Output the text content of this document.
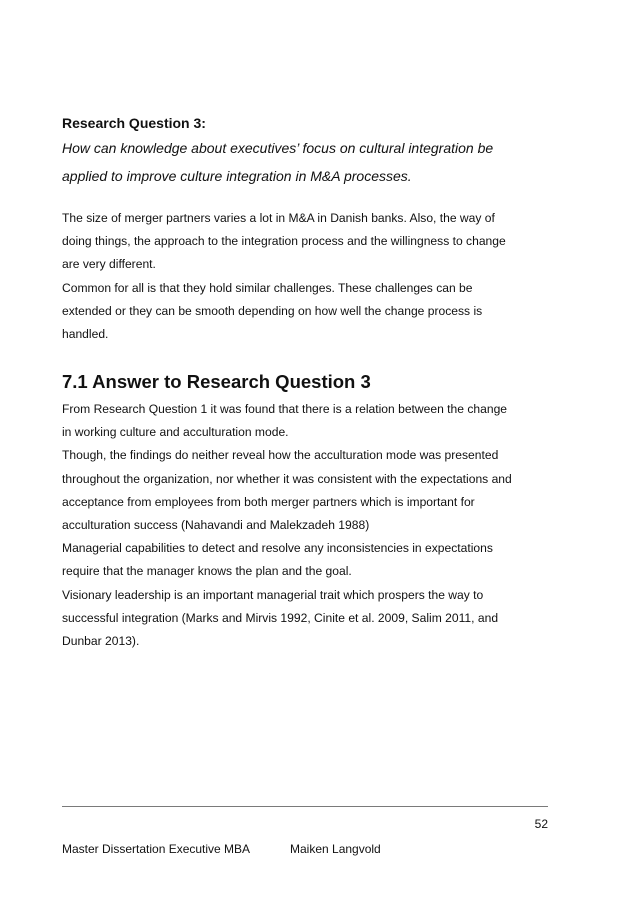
Research Question 3:
How can knowledge about executives’ focus on cultural integration be
applied to improve culture integration in M&A processes.
The size of merger partners varies a lot in M&A in Danish banks. Also, the way of
doing things, the approach to the integration process and the willingness to change
are very different.
Common for all is that they hold similar challenges. These challenges can be
extended or they can be smooth depending on how well the change process is
handled.
7.1 Answer to Research Question 3
From Research Question 1 it was found that there is a relation between the change
in working culture and acculturation mode.
Though, the findings do neither reveal how the acculturation mode was presented
throughout the organization, nor whether it was consistent with the expectations and
acceptance from employees from both merger partners which is important for
acculturation success (Nahavandi and Malekzadeh 1988)
Managerial capabilities to detect and resolve any inconsistencies in expectations
require that the manager knows the plan and the goal.
Visionary leadership is an important managerial trait which prospers the way to
successful integration (Marks and Mirvis 1992, Cinite et al. 2009, Salim 2011, and
Dunbar 2013).
52
Master Dissertation Executive MBA	Maiken Langvold
